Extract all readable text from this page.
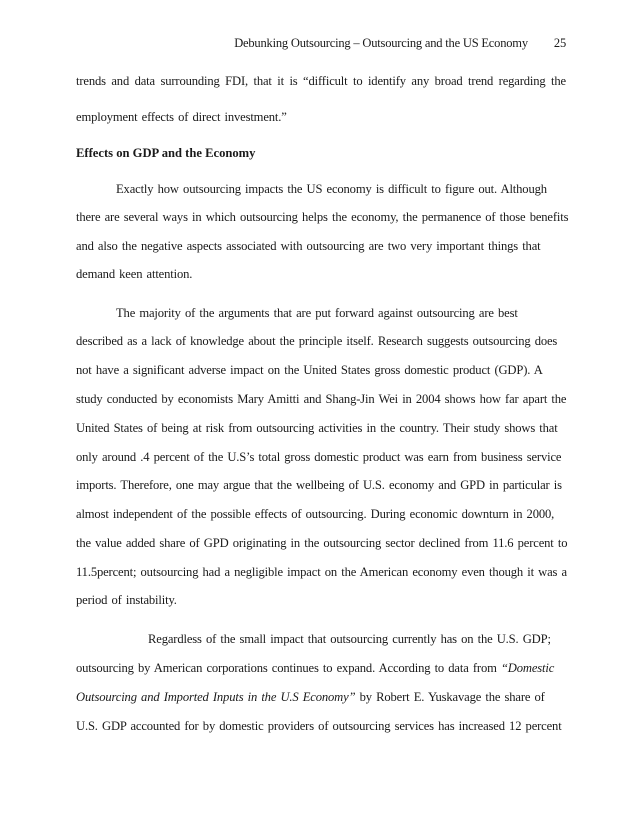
Debunking Outsourcing – Outsourcing and the US Economy 25
trends and data surrounding FDI, that it is “difficult to identify any broad trend regarding the
employment effects of direct investment.”
Effects on GDP and the Economy
Exactly how outsourcing impacts the US economy is difficult to figure out. Although
there are several ways in which outsourcing helps the economy, the permanence of those benefits
and also the negative aspects associated with outsourcing are two very important things that
demand keen attention.
The majority of the arguments that are put forward against outsourcing are best
described as a lack of knowledge about the principle itself. Research suggests outsourcing does
not have a significant adverse impact on the United States gross domestic product (GDP). A
study conducted by economists Mary Amitti and Shang-Jin Wei in 2004 shows how far apart the
United States of being at risk from outsourcing activities in the country. Their study shows that
only around .4 percent of the U.S’s total gross domestic product was earn from business service
imports. Therefore, one may argue that the wellbeing of U.S. economy and GPD in particular is
almost independent of the possible effects of outsourcing. During economic downturn in 2000,
the value added share of GPD originating in the outsourcing sector declined from 11.6 percent to
11.5percent; outsourcing had a negligible impact on the American economy even though it was a
period of instability.
Regardless of the small impact that outsourcing currently has on the U.S. GDP;
outsourcing by American corporations continues to expand. According to data from “Domestic
Outsourcing and Imported Inputs in the U.S Economy” by Robert E. Yuskavage the share of
U.S. GDP accounted for by domestic providers of outsourcing services has increased 12 percent
